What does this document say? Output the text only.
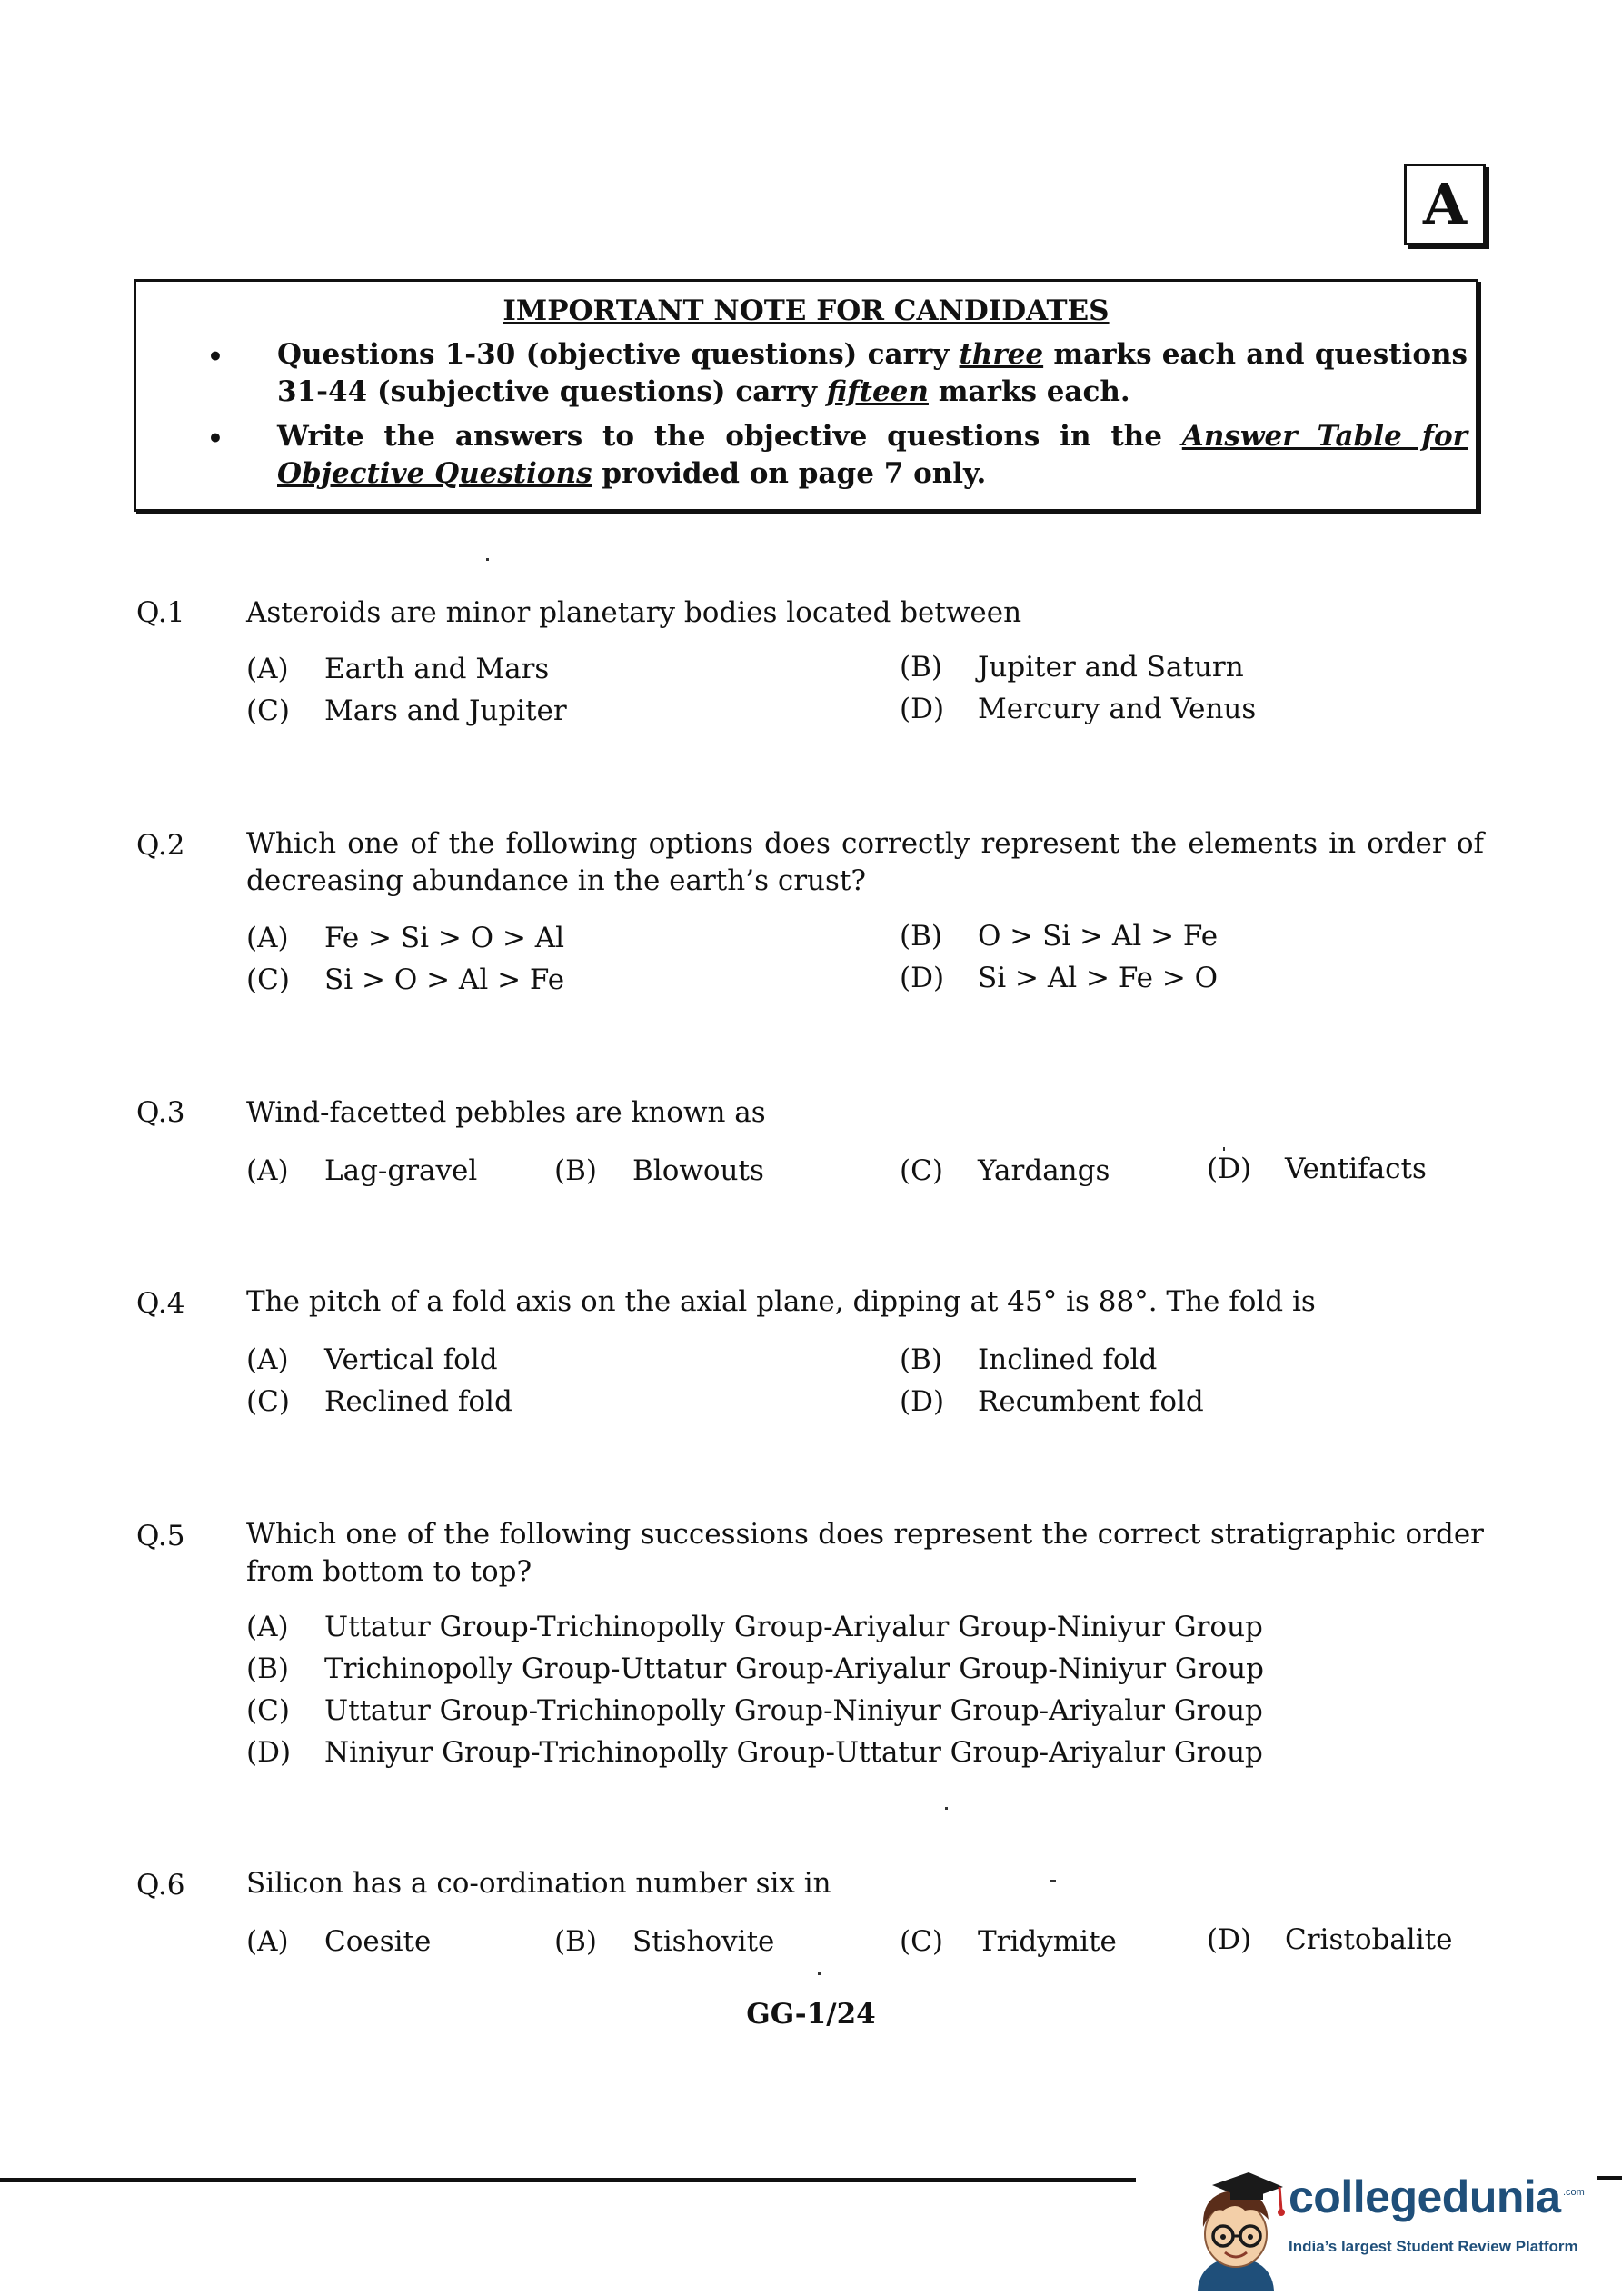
A
IMPORTANT NOTE FOR CANDIDATES
• Questions 1-30 (objective questions) carry three marks each and questions 31-44 (subjective questions) carry fifteen marks each.
• Write the answers to the objective questions in the Answer Table for Objective Questions provided on page 7 only.
Q.1 Asteroids are minor planetary bodies located between
(A) Earth and Mars	(B) Jupiter and Saturn
(C) Mars and Jupiter	(D) Mercury and Venus
Q.2 Which one of the following options does correctly represent the elements in order of decreasing abundance in the earth’s crust?
(A) Fe > Si > O > Al	(B) O > Si > Al > Fe
(C) Si > O > Al > Fe	(D) Si > Al > Fe > O
Q.3 Wind-facetted pebbles are known as
(A) Lag-gravel	(B) Blowouts	(C) Yardangs	(D) Ventifacts
Q.4 The pitch of a fold axis on the axial plane, dipping at 45° is 88°. The fold is
(A) Vertical fold	(B) Inclined fold
(C) Reclined fold	(D) Recumbent fold
Q.5 Which one of the following successions does represent the correct stratigraphic order from bottom to top?
(A) Uttatur Group-Trichinopolly Group-Ariyalur Group-Niniyur Group
(B) Trichinopolly Group-Uttatur Group-Ariyalur Group-Niniyur Group
(C) Uttatur Group-Trichinopolly Group-Niniyur Group-Ariyalur Group
(D) Niniyur Group-Trichinopolly Group-Uttatur Group-Ariyalur Group
Q.6 Silicon has a co-ordination number six in
(A) Coesite	(B) Stishovite	(C) Tridymite	(D) Cristobalite
GG-1/24
collegedunia .com
India’s largest Student Review Platform
